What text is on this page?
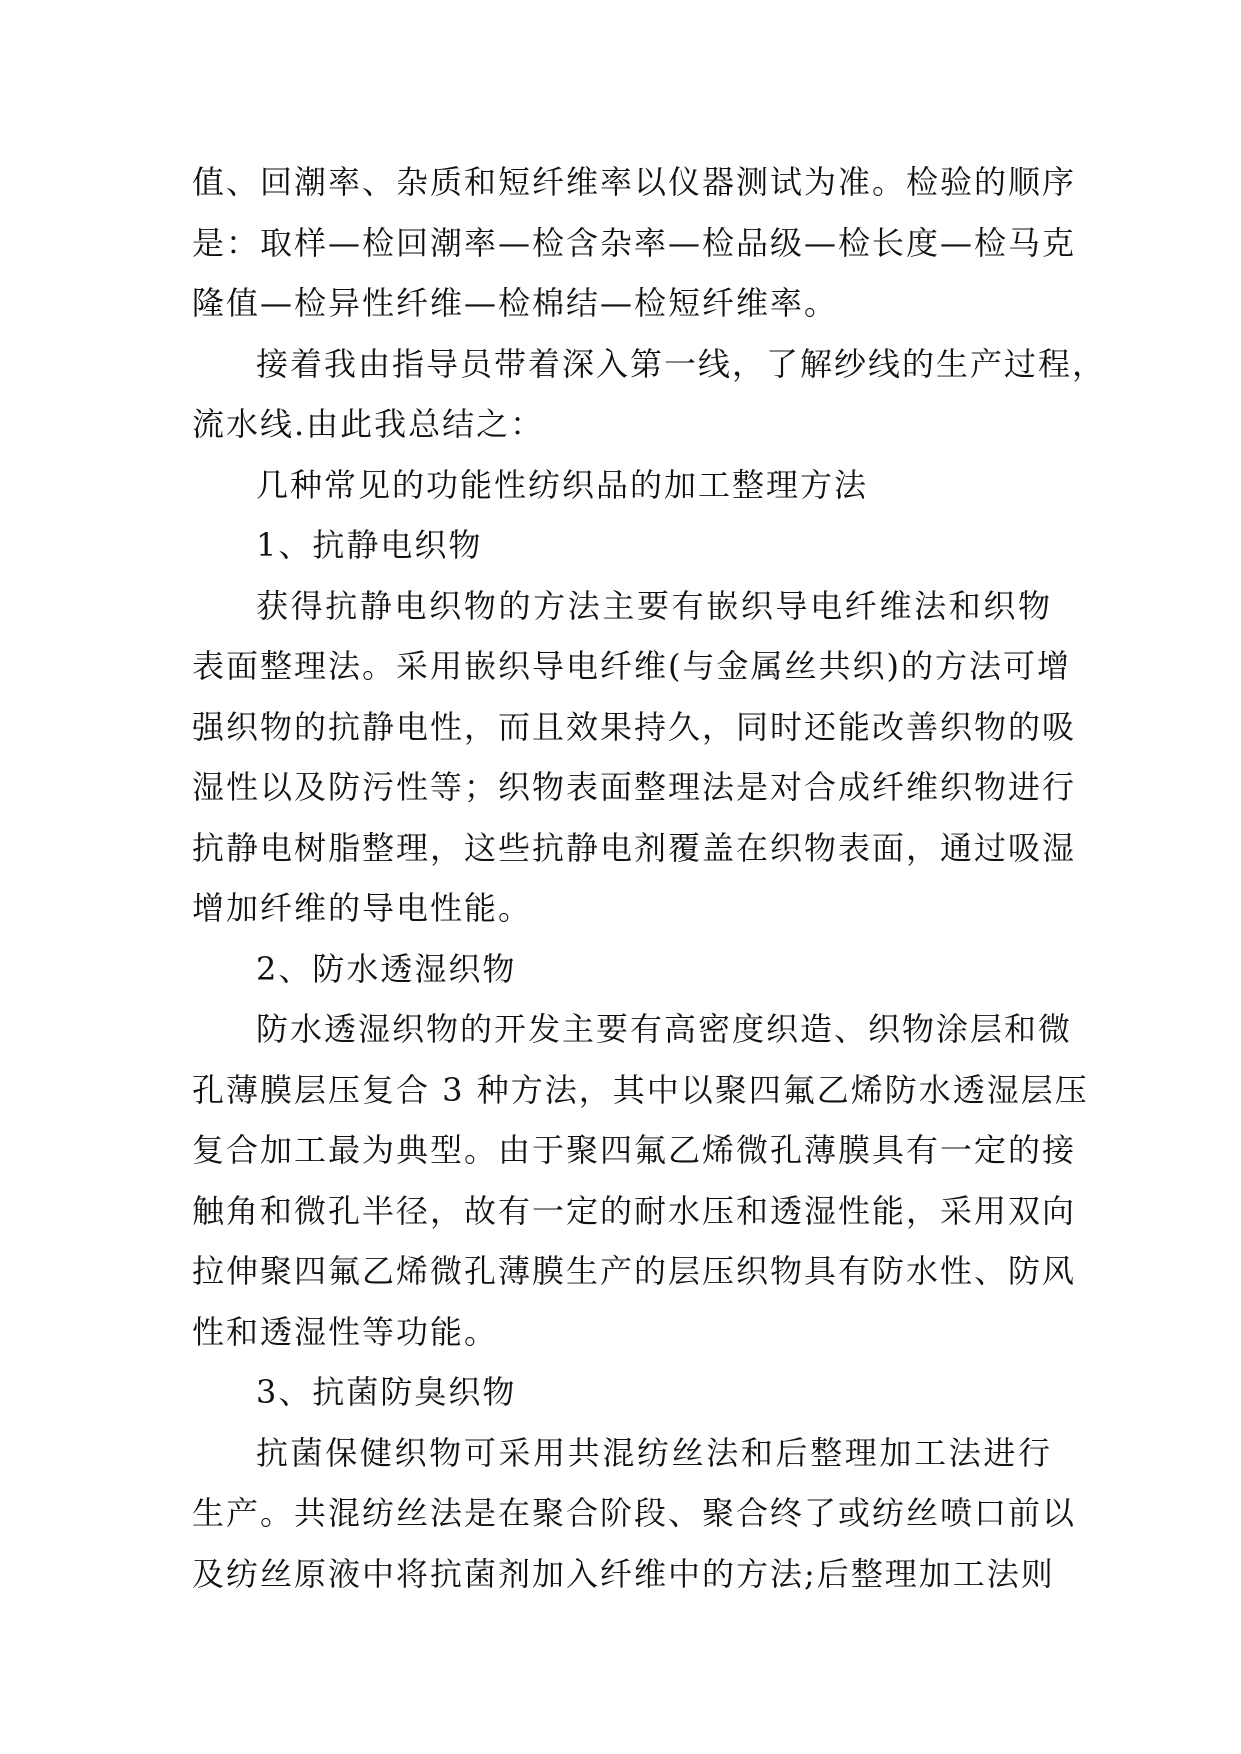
值、回潮率、杂质和短纤维率以仪器测试为准。检验的顺序
是：取样—检回潮率—检含杂率—检品级—检长度—检马克
隆值—检异性纤维—检棉结—检短纤维率。
接着我由指导员带着深入第一线，了解纱线的生产过程，
流水线.由此我总结之：
几种常见的功能性纺织品的加工整理方法
1、抗静电织物
获得抗静电织物的方法主要有嵌织导电纤维法和织物
表面整理法。采用嵌织导电纤维(与金属丝共织)的方法可增
强织物的抗静电性，而且效果持久，同时还能改善织物的吸
湿性以及防污性等；织物表面整理法是对合成纤维织物进行
抗静电树脂整理，这些抗静电剂覆盖在织物表面，通过吸湿
增加纤维的导电性能。
2、防水透湿织物
防水透湿织物的开发主要有高密度织造、织物涂层和微
孔薄膜层压复合 3 种方法，其中以聚四氟乙烯防水透湿层压
复合加工最为典型。由于聚四氟乙烯微孔薄膜具有一定的接
触角和微孔半径，故有一定的耐水压和透湿性能，采用双向
拉伸聚四氟乙烯微孔薄膜生产的层压织物具有防水性、防风
性和透湿性等功能。
3、抗菌防臭织物
抗菌保健织物可采用共混纺丝法和后整理加工法进行
生产。共混纺丝法是在聚合阶段、聚合终了或纺丝喷口前以
及纺丝原液中将抗菌剂加入纤维中的方法;后整理加工法则
